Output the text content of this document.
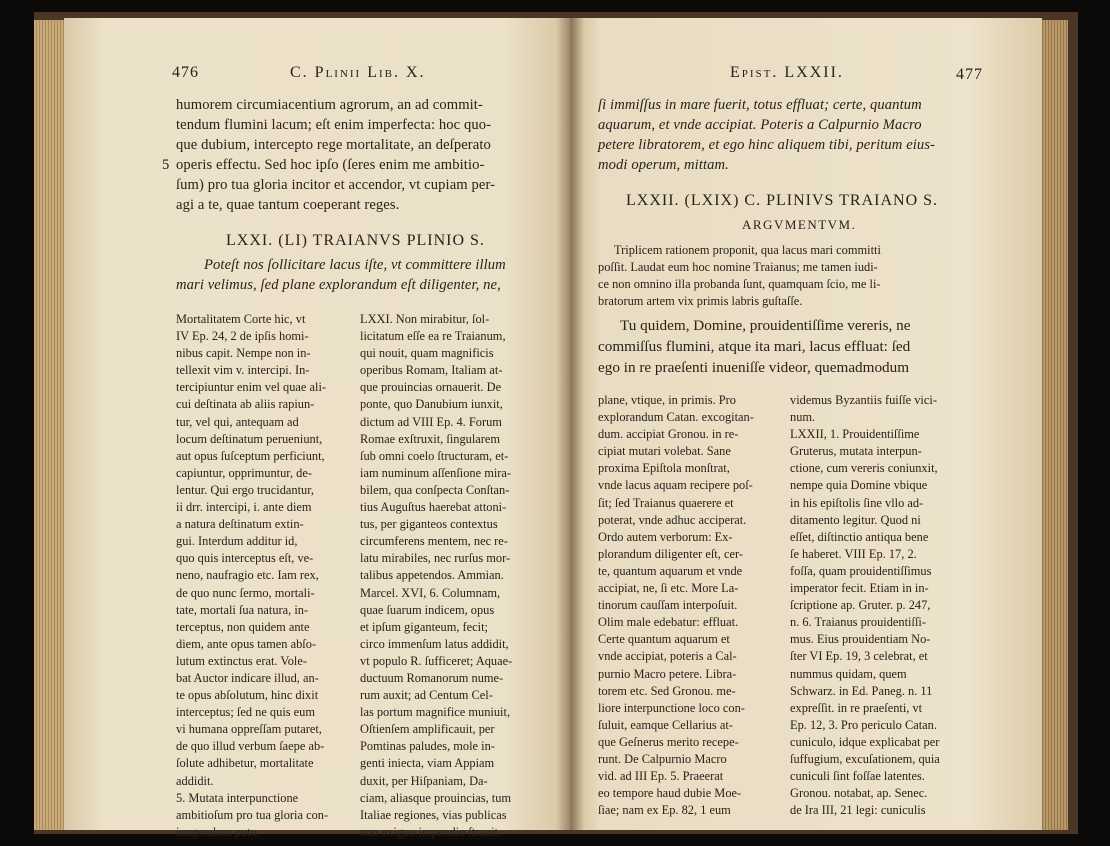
476	C. Plinii Lib. X.
humorem circumiacentium agrorum, an ad commit-
tendum flumini lacum; eſt enim imperfecta: hoc quo-
que dubium, intercepto rege mortalitate, an deſperato
5 operis effectu. Sed hoc ipſo (ſeres enim me ambitio-
ſum) pro tua gloria incitor et accendor, vt cupiam per-
agi a te, quae tantum coeperant reges.
LXXI. (LI) TRAIANVS PLINIO S.
Poteſt nos ſollicitare lacus iſte, vt committere illum
mari velimus, ſed plane explorandum eſt diligenter, ne,

Mortalitatem Corte hic, vt

IV Ep. 24, 2 de ipſis homi-

nibus capit. Nempe non in-

tellexit vim v. intercipi. In-

tercipiuntur enim vel quae ali-

cui deſtinata ab aliis rapiun-

tur, vel qui, antequam ad

locum deſtinatum perueniunt,

aut opus ſuſceptum perficiunt,

capiuntur, opprimuntur, de-

lentur. Qui ergo trucidantur,

ii drr. intercipi, i. ante diem

a natura deſtinatum extin-

gui. Interdum additur id,

quo quis interceptus eſt, ve-

neno, naufragio etc. Iam rex,

de quo nunc ſermo, mortali-

tate, mortali ſua natura, in-

terceptus, non quidem ante

diem, ante opus tamen abſo-

lutum extinctus erat. Vole-

bat Auctor indicare illud, an-

te opus abſolutum, hinc dixit

interceptus; ſed ne quis eum

vi humana oppreſſam putaret,

de quo illud verbum ſaepe ab-

ſolute adhibetur, mortalitate

addidit.

5. Mutata interpunctione

ambitioſum pro tua gloria con-

iungendum puto.

LXXI. Non mirabitur, ſol-

licitatum eſſe ea re Traianum,

qui nouit, quam magnificis

operibus Romam, Italiam at-

que prouincias ornauerit. De

ponte, quo Danubium iunxit,

dictum ad VIII Ep. 4. Forum

Romae exſtruxit, ſingularem

ſub omni coelo ſtructuram, et-

iam numinum aſſenſione mira-

bilem, qua conſpecta Conſtan-

tius Auguſtus haerebat attoni-

tus, per giganteos contextus

circumferens mentem, nec re-

latu mirabiles, nec rurſus mor-

talibus appetendos. Ammian.

Marcel. XVI, 6. Columnam,

quae ſuarum indicem, opus

et ipſum giganteum, fecit;

circo immenſum latus addidit,

vt populo R. ſufficeret; Aquae-

ductuum Romanorum nume-

rum auxit; ad Centum Cel-

las portum magnifice muniuit,

Oſtienſem amplificauit, per

Pomtinas paludes, mole in-

genti iniecta, viam Appiam

duxit, per Hiſpaniam, Da-

ciam, aliasque prouincias, tum

Italiae regiones, vias publicas

non exiguo impendio ſtrauit.

Epist. LXXII.	477
ſi immiſſus in mare fuerit, totus effluat; certe, quantum
aquarum, et vnde accipiat. Poteris a Calpurnio Macro
petere libratorem, et ego hinc aliquem tibi, peritum eius-
modi operum, mittam.
LXXII. (LXIX) C. PLINIVS TRAIANO S.
ARGVMENTVM.
Triplicem rationem proponit, qua lacus mari committi
poſſit. Laudat eum hoc nomine Traianus; me tamen iudi-
ce non omnino illa probanda ſunt, quamquam ſcio, me li-
bratorum artem vix primis labris guſtaſſe.
Tu quidem, Domine, prouidentiſſime vereris, ne
commiſſus flumini, atque ita mari, lacus effluat: ſed
ego in re praeſenti inueniſſe videor, quemadmodum

plane, vtique, in primis. Pro

explorandum Catan. excogitan-

dum. accipiat Gronou. in re-

cipiat mutari volebat. Sane

proxima Epiſtola monſtrat,

vnde lacus aquam recipere poſ-

ſit; ſed Traianus quaerere et

poterat, vnde adhuc acciperat.

Ordo autem verborum: Ex-

plorandum diligenter eſt, cer-

te, quantum aquarum et vnde

accipiat, ne, ſi etc. More La-

tinorum cauſſam interpoſuit.

Olim male edebatur: effluat.

Certe quantum aquarum et

vnde accipiat, poteris a Cal-

purnio Macro petere. Libra-

torem etc. Sed Gronou. me-

liore interpunctione loco con-

ſuluit, eamque Cellarius at-

que Geſnerus merito recepe-

runt. De Calpurnio Macro

vid. ad III Ep. 5. Praeerat

eo tempore haud dubie Moe-

ſiae; nam ex Ep. 82, 1 eum

videmus Byzantiis fuiſſe vici-

num.

LXXII, 1. Prouidentiſſime

Gruterus, mutata interpun-

ctione, cum vereris coniunxit,

nempe quia Domine vbique

in his epiſtolis ſine vllo ad-

ditamento legitur. Quod ni

eſſet, diſtinctio antiqua bene

ſe haberet. VIII Ep. 17, 2.

foſſa, quam prouidentiſſimus

imperator fecit. Etiam in in-

ſcriptione ap. Gruter. p. 247,

n. 6. Traianus prouidentiſſi-

mus. Eius prouidentiam No-

ſter VI Ep. 19, 3 celebrat, et

nummus quidam, quem

Schwarz. in Ed. Paneg. n. 11

expreſſit. in re praeſenti, vt

Ep. 12, 3. Pro periculo Catan.

cuniculo, idque explicabat per

ſuffugium, excuſationem, quia

cuniculi ſint foſſae latentes.

Gronou. notabat, ap. Senec.

de Ira III, 21 legi: cuniculis
